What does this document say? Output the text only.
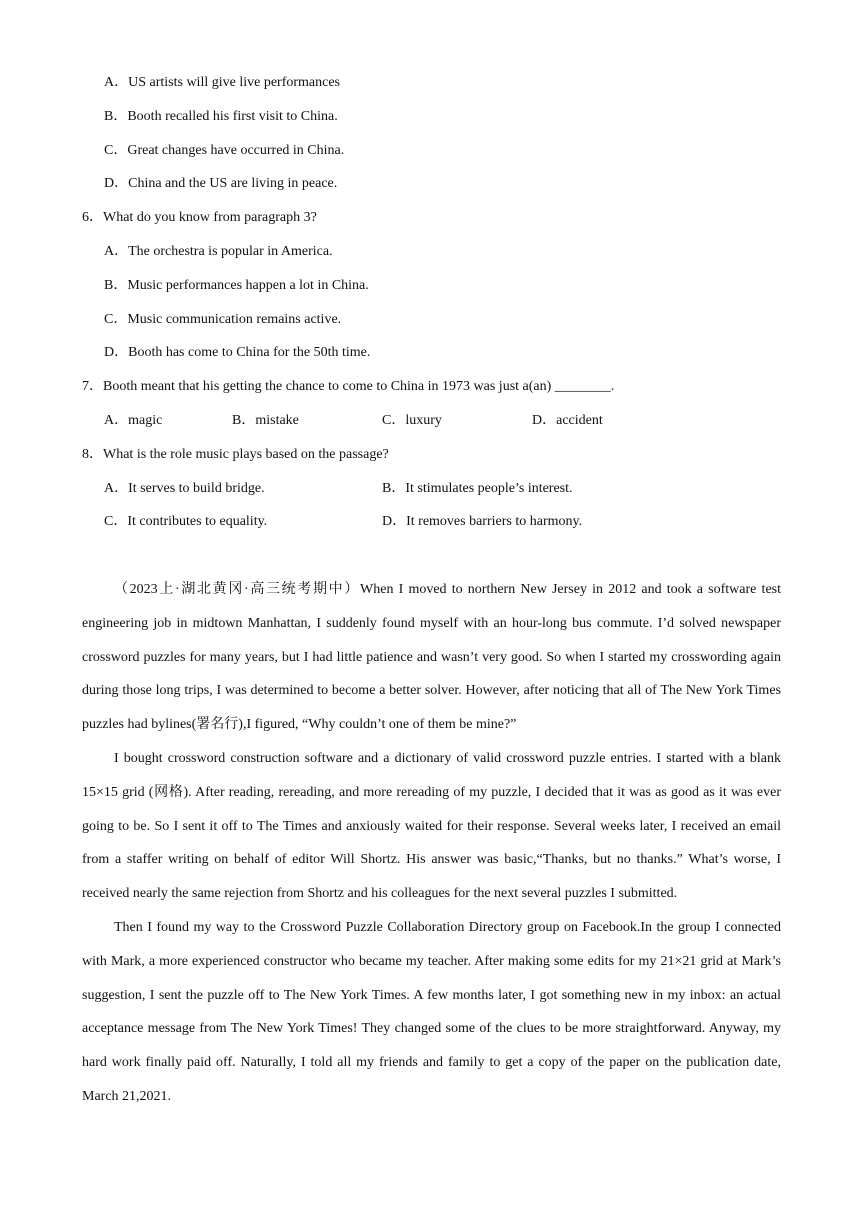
A．US artists will give live performances
B．Booth recalled his first visit to China.
C．Great changes have occurred in China.
D．China and the US are living in peace.
6．What do you know from paragraph 3?
A．The orchestra is popular in America.
B．Music performances happen a lot in China.
C．Music communication remains active.
D．Booth has come to China for the 50th time.
7．Booth meant that his getting the chance to come to China in 1973 was just a(an) ________.
A．magic	B．mistake	C．luxury	D．accident
8．What is the role music plays based on the passage?
A．It serves to build bridge.	B．It stimulates people’s interest.
C．It contributes to equality.	D．It removes barriers to harmony.

（2023上·湖北黄冈·高三统考期中）When I moved to northern New Jersey in 2012 and took a software test engineering job in midtown Manhattan, I suddenly found myself with an hour-long bus commute. I’d solved newspaper crossword puzzles for many years, but I had little patience and wasn’t very good. So when I started my crosswording again during those long trips, I was determined to become a better solver. However, after noticing that all of The New York Times puzzles had bylines(署名行),I figured, “Why couldn’t one of them be mine?”

I bought crossword construction software and a dictionary of valid crossword puzzle entries. I started with a blank 15×15 grid (网格). After reading, rereading, and more rereading of my puzzle, I decided that it was as good as it was ever going to be. So I sent it off to The Times and anxiously waited for their response. Several weeks later, I received an email from a staffer writing on behalf of editor Will Shortz. His answer was basic,“Thanks, but no thanks.” What’s worse, I received nearly the same rejection from Shortz and his colleagues for the next several puzzles I submitted.

Then I found my way to the Crossword Puzzle Collaboration Directory group on Facebook.In the group I connected with Mark, a more experienced constructor who became my teacher. After making some edits for my 21×21 grid at Mark’s suggestion, I sent the puzzle off to The New York Times. A few months later, I got something new in my inbox: an actual acceptance message from The New York Times! They changed some of the clues to be more straightforward. Anyway, my hard work finally paid off. Naturally, I told all my friends and family to get a copy of the paper on the publication date, March 21,2021.
